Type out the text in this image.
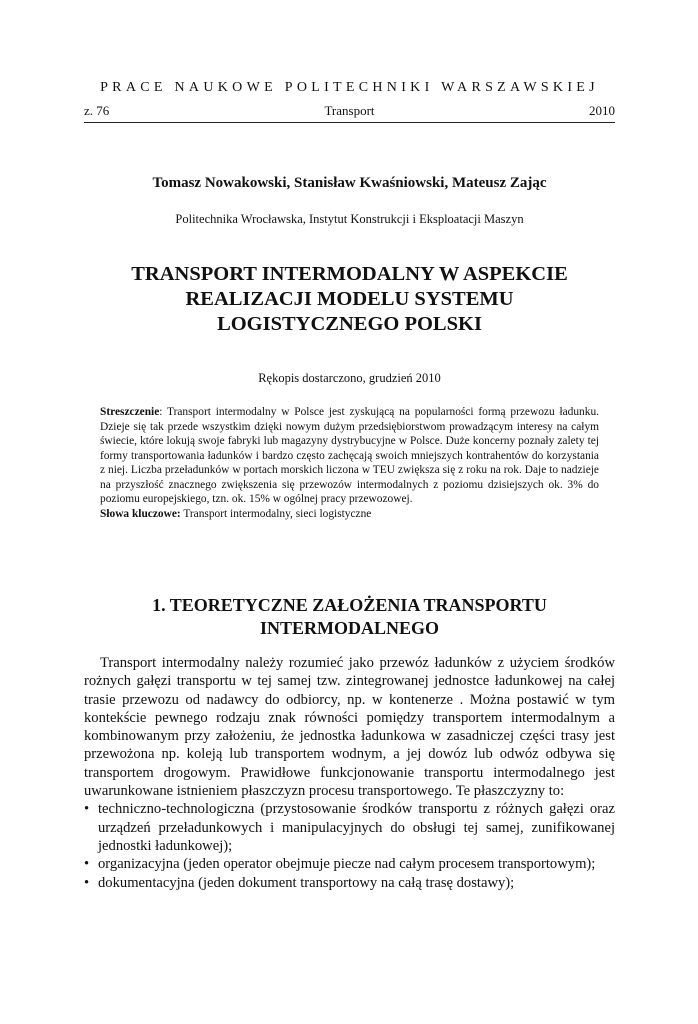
PRACE NAUKOWE POLITECHNIKI WARSZAWSKIEJ
z. 76	Transport	2010
Tomasz Nowakowski, Stanisław Kwaśniowski, Mateusz Zając
Politechnika Wrocławska, Instytut Konstrukcji i Eksploatacji Maszyn
TRANSPORT INTERMODALNY W ASPEKCIE
REALIZACJI MODELU SYSTEMU
LOGISTYCZNEGO POLSKI
Rękopis dostarczono, grudzień 2010

Streszczenie: Transport intermodalny w Polsce jest zyskującą na popularności formą przewozu ładunku. Dzieje się tak przede wszystkim dzięki nowym dużym przedsiębiorstwom prowadzącym interesy na całym świecie, które lokują swoje fabryki lub magazyny dystrybucyjne w Polsce. Duże koncerny poznały zalety tej formy transportowania ładunków i bardzo często zachęcają swoich mniejszych kontrahentów do korzystania z niej. Liczba przeładunków w portach morskich liczona w TEU zwiększa się z roku na rok. Daje to nadzieje na przyszłość znacznego zwiększenia się przewozów intermodalnych z poziomu dzisiejszych ok. 3% do poziomu europejskiego, tzn. ok. 15% w ogólnej pracy przewozowej.

Słowa kluczowe: Transport intermodalny, sieci logistyczne

1. TEORETYCZNE ZAŁOŻENIA TRANSPORTU
INTERMODALNEGO

Transport intermodalny należy rozumieć jako przewóz ładunków z użyciem środków rożnych gałęzi transportu w tej samej tzw. zintegrowanej jednostce ładunkowej na całej trasie przewozu od nadawcy do odbiorcy, np. w kontenerze . Można postawić w tym kontekście pewnego rodzaju znak równości pomiędzy transportem intermodalnym a kombinowanym przy założeniu, że jednostka ładunkowa w zasadniczej części trasy jest przewożona np. koleją lub transportem wodnym, a jej dowóz lub odwóz odbywa się transportem drogowym. Prawidłowe funkcjonowanie transportu intermodalnego jest uwarunkowane istnieniem płaszczyzn procesu transportowego. Te płaszczyzny to:

• techniczno-technologiczna (przystosowanie środków transportu z różnych gałęzi oraz urządzeń przeładunkowych i manipulacyjnych do obsługi tej samej, zunifikowanej jednostki ładunkowej);
• organizacyjna (jeden operator obejmuje piecze nad całym procesem transportowym);
• dokumentacyjna (jeden dokument transportowy na całą trasę dostawy);
